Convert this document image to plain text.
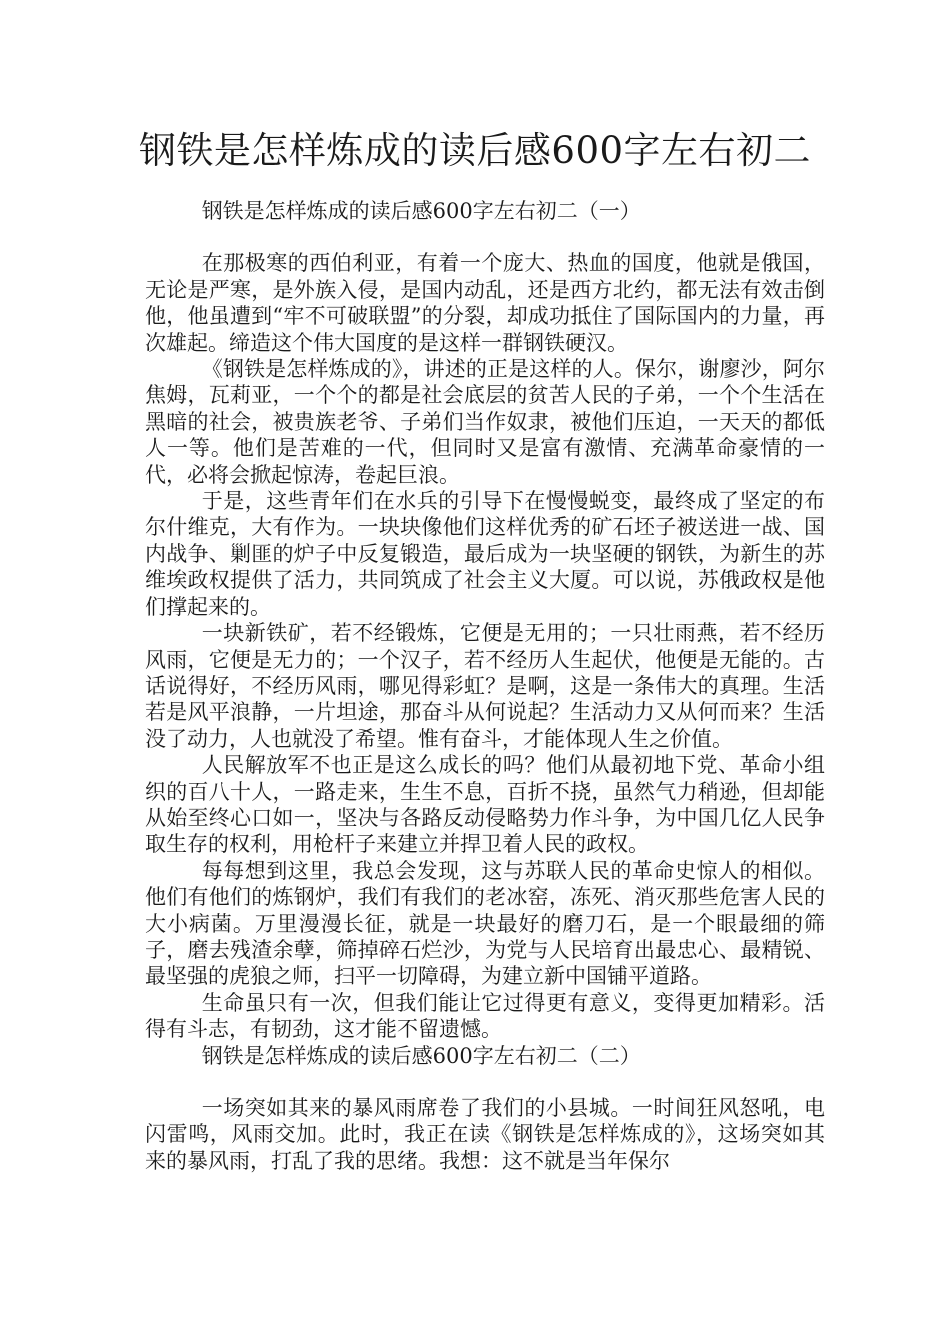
钢铁是怎样炼成的读后感600字左右初二
钢铁是怎样炼成的读后感600字左右初二（一）

在那极寒的西伯利亚，有着一个庞大、热血的国度，他就是俄国，无论是严寒，是外族入侵，是国内动乱，还是西方北约，都无法有效击倒他，他虽遭到“牢不可破联盟”的分裂，却成功抵住了国际国内的力量，再次雄起。缔造这个伟大国度的是这样一群钢铁硬汉。

《钢铁是怎样炼成的》，讲述的正是这样的人。保尔，谢廖沙，阿尔焦姆，瓦莉亚，一个个的都是社会底层的贫苦人民的子弟，一个个生活在黑暗的社会，被贵族老爷、子弟们当作奴隶，被他们压迫，一天天的都低人一等。他们是苦难的一代，但同时又是富有激情、充满革命豪情的一代，必将会掀起惊涛，卷起巨浪。

于是，这些青年们在水兵的引导下在慢慢蜕变，最终成了坚定的布尔什维克，大有作为。一块块像他们这样优秀的矿石坯子被送进一战、国内战争、剿匪的炉子中反复锻造，最后成为一块坚硬的钢铁，为新生的苏维埃政权提供了活力，共同筑成了社会主义大厦。可以说，苏俄政权是他们撑起来的。

一块新铁矿，若不经锻炼，它便是无用的；一只壮雨燕，若不经历风雨，它便是无力的；一个汉子，若不经历人生起伏，他便是无能的。古话说得好，不经历风雨，哪见得彩虹？是啊，这是一条伟大的真理。生活若是风平浪静，一片坦途，那奋斗从何说起？生活动力又从何而来？生活没了动力，人也就没了希望。惟有奋斗，才能体现人生之价值。

人民解放军不也正是这么成长的吗？他们从最初地下党、革命小组织的百八十人，一路走来，生生不息，百折不挠，虽然气力稍逊，但却能从始至终心口如一，坚决与各路反动侵略势力作斗争，为中国几亿人民争取生存的权利，用枪杆子来建立并捍卫着人民的政权。

每每想到这里，我总会发现，这与苏联人民的革命史惊人的相似。他们有他们的炼钢炉，我们有我们的老冰窑，冻死、消灭那些危害人民的大小病菌。万里漫漫长征，就是一块最好的磨刀石，是一个眼最细的筛子，磨去残渣余孽，筛掉碎石烂沙，为党与人民培育出最忠心、最精锐、最坚强的虎狼之师，扫平一切障碍，为建立新中国铺平道路。

生命虽只有一次，但我们能让它过得更有意义，变得更加精彩。活得有斗志，有韧劲，这才能不留遗憾。

钢铁是怎样炼成的读后感600字左右初二（二）

一场突如其来的暴风雨席卷了我们的小县城。一时间狂风怒吼，电闪雷鸣，风雨交加。此时，我正在读《钢铁是怎样炼成的》，这场突如其来的暴风雨，打乱了我的思绪。我想：这不就是当年保尔
